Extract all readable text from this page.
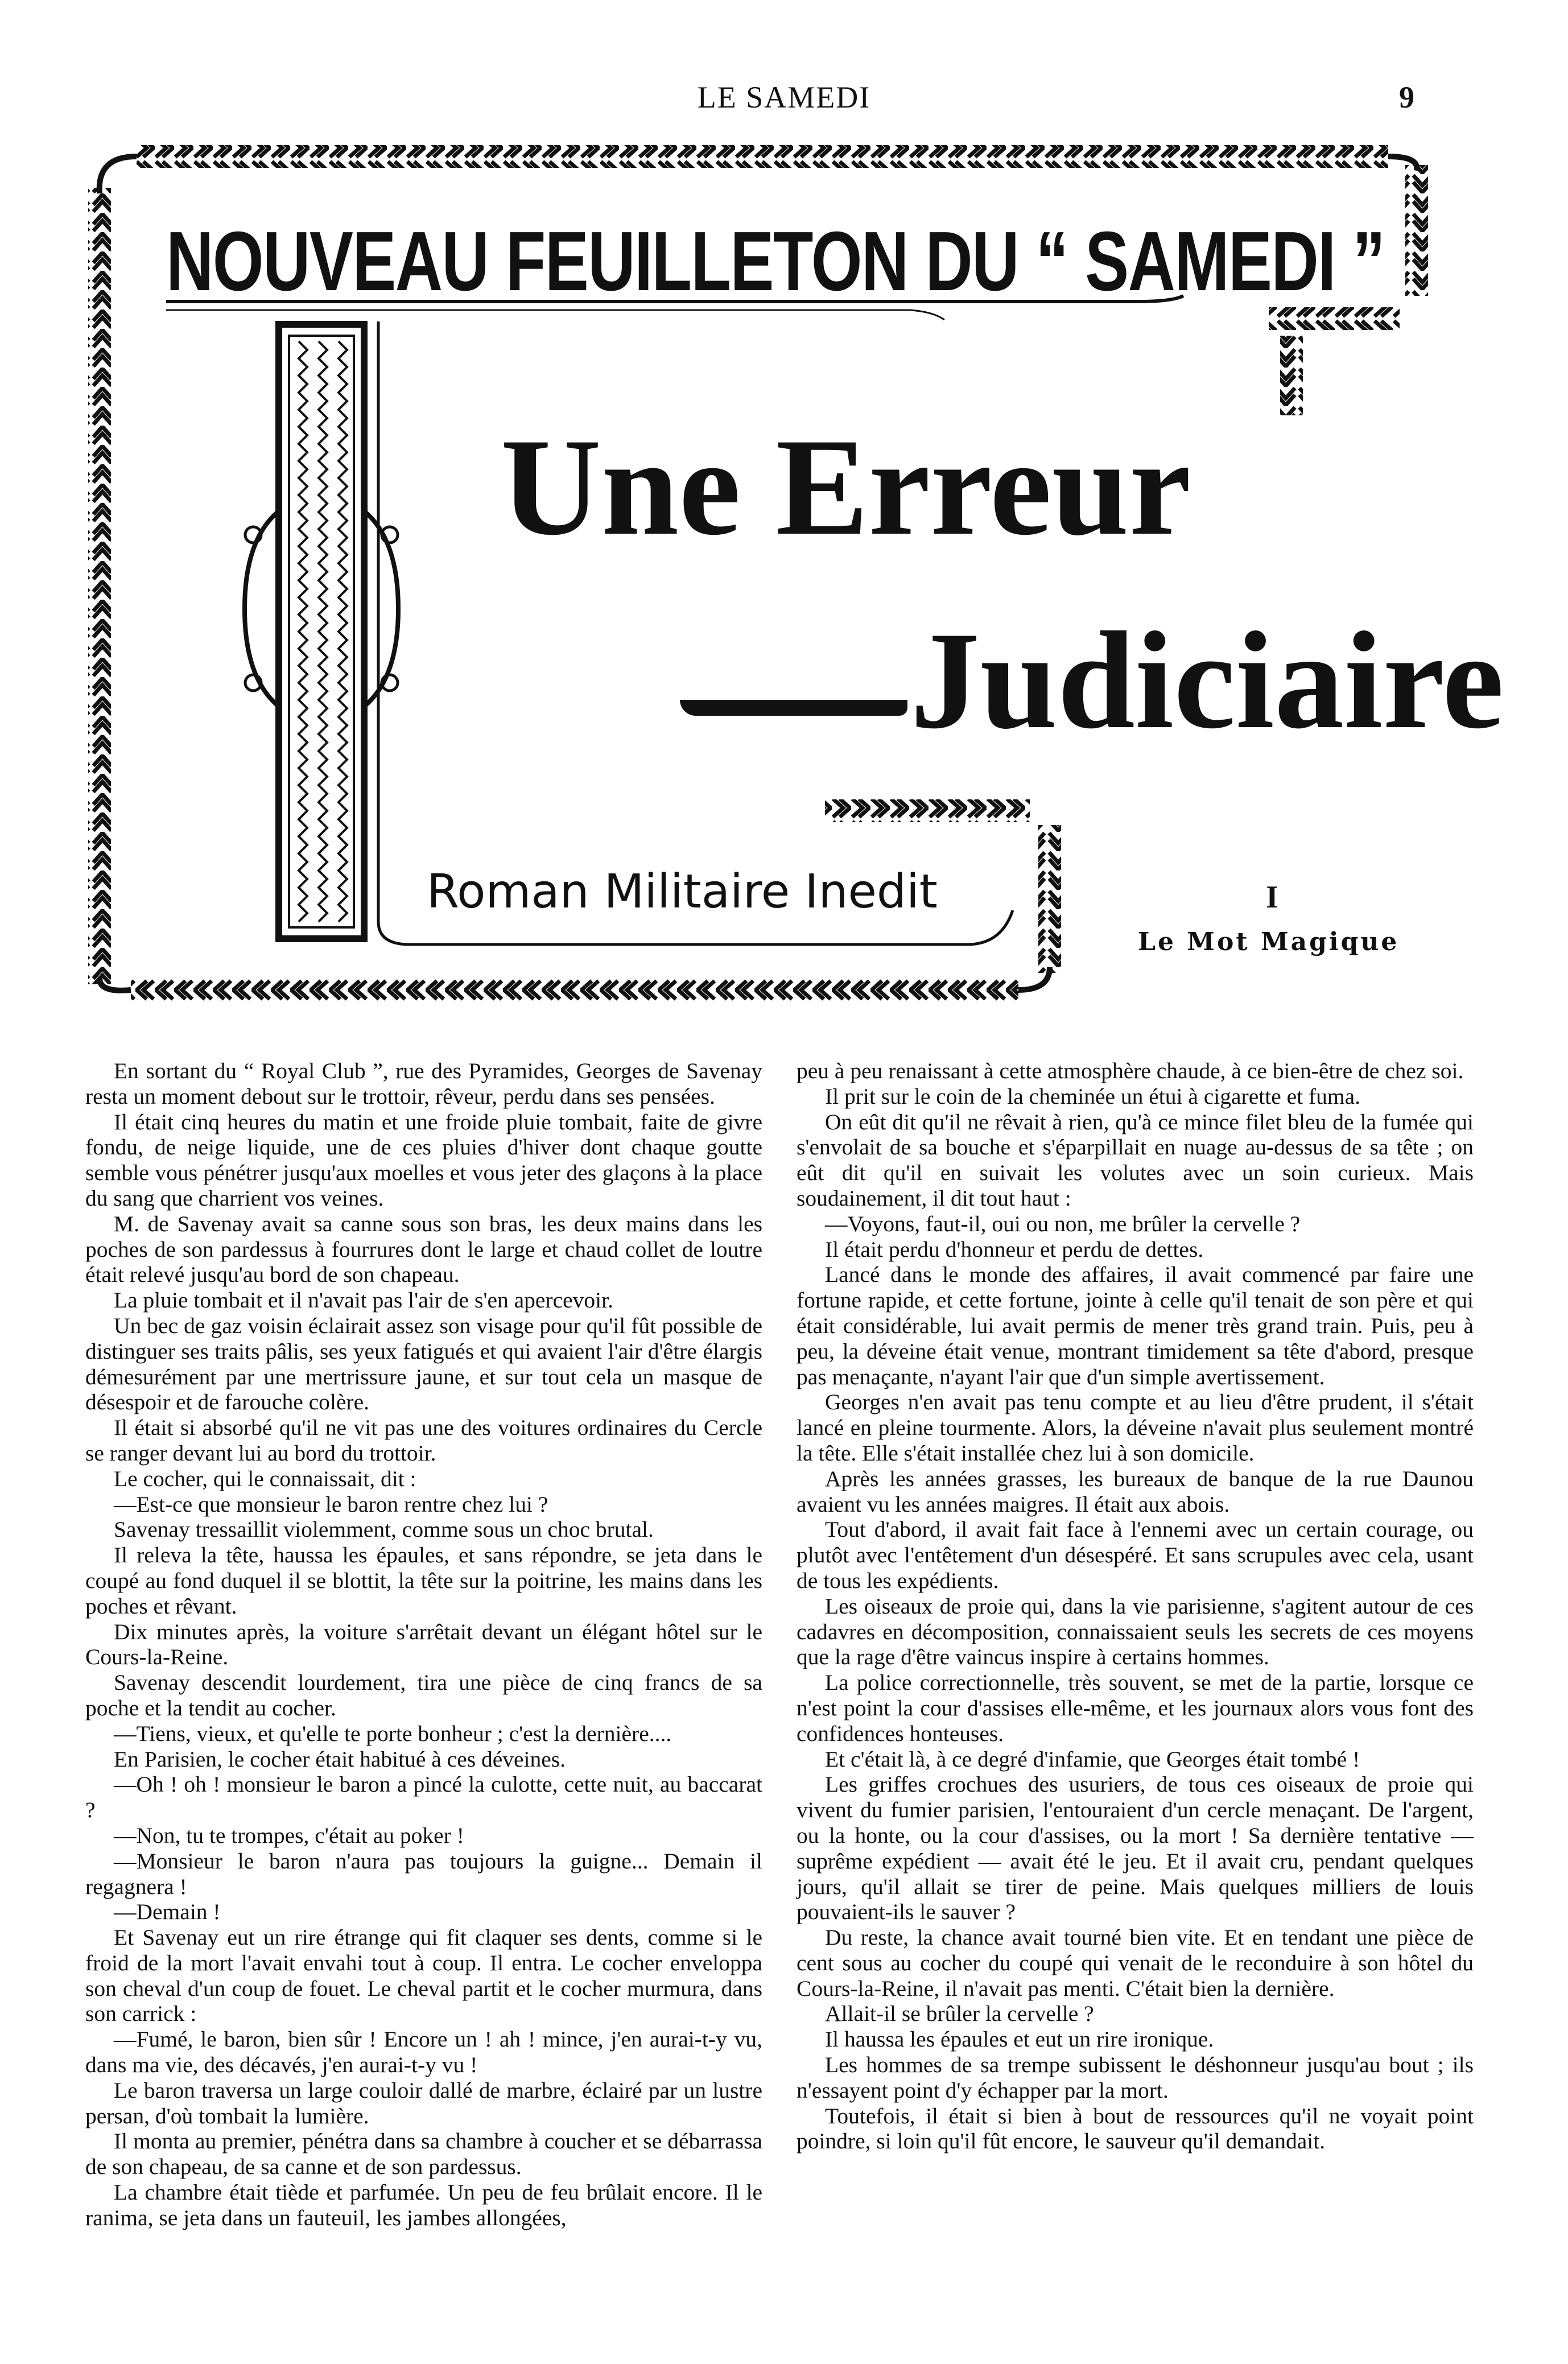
LE SAMEDI	9
NOUVEAU FEUILLETON DU “ SAMEDI ”
Une Erreur
Judiciaire
Roman Militaire Inedit	I
Le Mot Magique

En sortant du “ Royal Club ”, rue des Pyramides, Georges de Savenay resta un moment debout sur le trottoir, rêveur, perdu dans ses pensées.

Il était cinq heures du matin et une froide pluie tombait, faite de givre fondu, de neige liquide, une de ces pluies d'hiver dont chaque goutte semble vous pénétrer jusqu'aux moelles et vous jeter des glaçons à la place du sang que charrient vos veines.

M. de Savenay avait sa canne sous son bras, les deux mains dans les poches de son pardessus à fourrures dont le large et chaud collet de loutre était relevé jusqu'au bord de son chapeau.

La pluie tombait et il n'avait pas l'air de s'en apercevoir.

Un bec de gaz voisin éclairait assez son visage pour qu'il fût possible de distinguer ses traits pâlis, ses yeux fatigués et qui avaient l'air d'être élargis démesurément par une mertrissure jaune, et sur tout cela un masque de désespoir et de farouche colère.

Il était si absorbé qu'il ne vit pas une des voitures ordinaires du Cercle se ranger devant lui au bord du trottoir.

Le cocher, qui le connaissait, dit :

—Est-ce que monsieur le baron rentre chez lui ?

Savenay tressaillit violemment, comme sous un choc brutal.

Il releva la tête, haussa les épaules, et sans répondre, se jeta dans le coupé au fond duquel il se blottit, la tête sur la poitrine, les mains dans les poches et rêvant.

Dix minutes après, la voiture s'arrêtait devant un élégant hôtel sur le Cours-la-Reine.

Savenay descendit lourdement, tira une pièce de cinq francs de sa poche et la tendit au cocher.

—Tiens, vieux, et qu'elle te porte bonheur ; c'est la dernière....

En Parisien, le cocher était habitué à ces déveines.

—Oh ! oh ! monsieur le baron a pincé la culotte, cette nuit, au baccarat ?

—Non, tu te trompes, c'était au poker !

—Monsieur le baron n'aura pas toujours la guigne... Demain il regagnera !

—Demain !

Et Savenay eut un rire étrange qui fit claquer ses dents, comme si le froid de la mort l'avait envahi tout à coup. Il entra. Le cocher enveloppa son cheval d'un coup de fouet. Le cheval partit et le cocher murmura, dans son carrick :

—Fumé, le baron, bien sûr ! Encore un ! ah ! mince, j'en aurai-t-y vu, dans ma vie, des décavés, j'en aurai-t-y vu !

Le baron traversa un large couloir dallé de marbre, éclairé par un lustre persan, d'où tombait la lumière.

Il monta au premier, pénétra dans sa chambre à coucher et se débarrassa de son chapeau, de sa canne et de son pardessus.

La chambre était tiède et parfumée. Un peu de feu brûlait encore. Il le ranima, se jeta dans un fauteuil, les jambes allongées,

peu à peu renaissant à cette atmosphère chaude, à ce bien-être de chez soi.

Il prit sur le coin de la cheminée un étui à cigarette et fuma.

On eût dit qu'il ne rêvait à rien, qu'à ce mince filet bleu de la fumée qui s'envolait de sa bouche et s'éparpillait en nuage au-dessus de sa tête ; on eût dit qu'il en suivait les volutes avec un soin curieux. Mais soudainement, il dit tout haut :

—Voyons, faut-il, oui ou non, me brûler la cervelle ?

Il était perdu d'honneur et perdu de dettes.

Lancé dans le monde des affaires, il avait commencé par faire une fortune rapide, et cette fortune, jointe à celle qu'il tenait de son père et qui était considérable, lui avait permis de mener très grand train. Puis, peu à peu, la déveine était venue, montrant timidement sa tête d'abord, presque pas menaçante, n'ayant l'air que d'un simple avertissement.

Georges n'en avait pas tenu compte et au lieu d'être prudent, il s'était lancé en pleine tourmente. Alors, la déveine n'avait plus seulement montré la tête. Elle s'était installée chez lui à son domicile.

Après les années grasses, les bureaux de banque de la rue Daunou avaient vu les années maigres. Il était aux abois.

Tout d'abord, il avait fait face à l'ennemi avec un certain courage, ou plutôt avec l'entêtement d'un désespéré. Et sans scrupules avec cela, usant de tous les expédients.

Les oiseaux de proie qui, dans la vie parisienne, s'agitent autour de ces cadavres en décomposition, connaissaient seuls les secrets de ces moyens que la rage d'être vaincus inspire à certains hommes.

La police correctionnelle, très souvent, se met de la partie, lorsque ce n'est point la cour d'assises elle-même, et les journaux alors vous font des confidences honteuses.

Et c'était là, à ce degré d'infamie, que Georges était tombé !

Les griffes crochues des usuriers, de tous ces oiseaux de proie qui vivent du fumier parisien, l'entouraient d'un cercle menaçant. De l'argent, ou la honte, ou la cour d'assises, ou la mort ! Sa dernière tentative — suprême expédient — avait été le jeu. Et il avait cru, pendant quelques jours, qu'il allait se tirer de peine. Mais quelques milliers de louis pouvaient-ils le sauver ?

Du reste, la chance avait tourné bien vite. Et en tendant une pièce de cent sous au cocher du coupé qui venait de le reconduire à son hôtel du Cours-la-Reine, il n'avait pas menti. C'était bien la dernière.

Allait-il se brûler la cervelle ?

Il haussa les épaules et eut un rire ironique.

Les hommes de sa trempe subissent le déshonneur jusqu'au bout ; ils n'essayent point d'y échapper par la mort.

Toutefois, il était si bien à bout de ressources qu'il ne voyait point poindre, si loin qu'il fût encore, le sauveur qu'il demandait.
